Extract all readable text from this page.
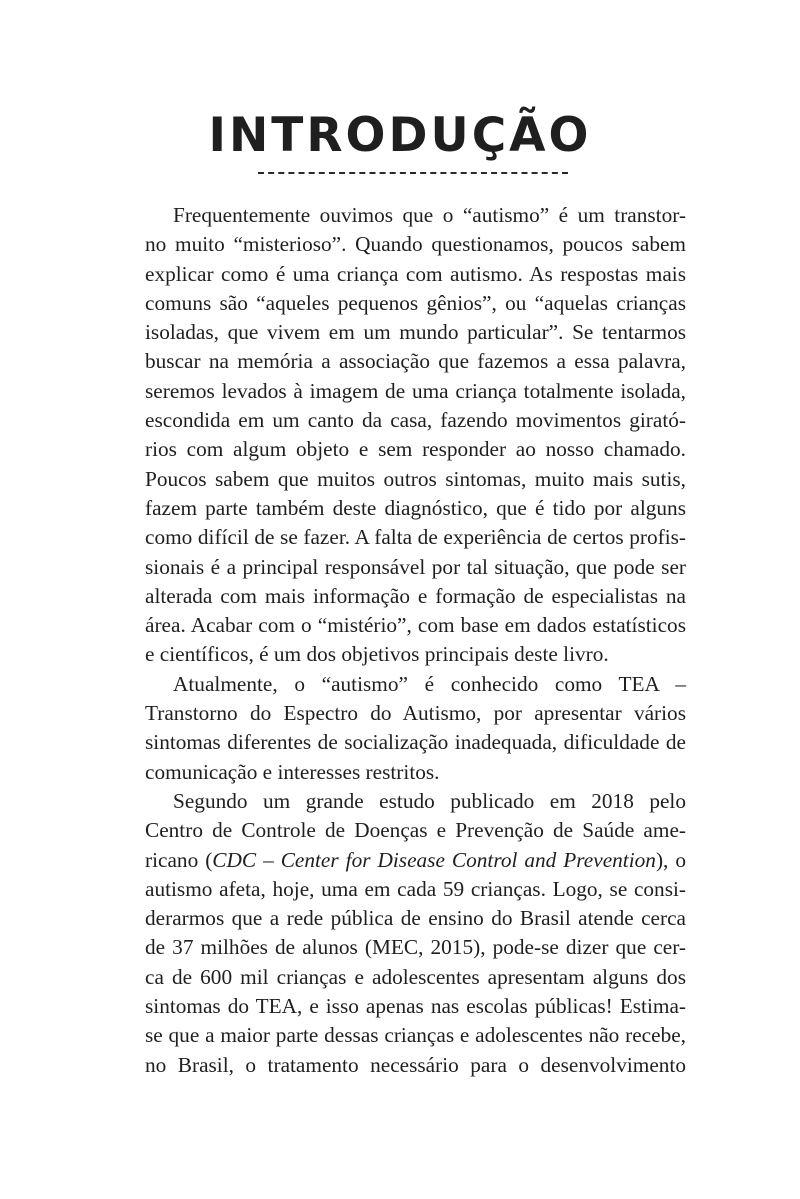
INTRODUÇÃO

Frequentemente ouvimos que o “autismo” é um transtor-
no muito “misterioso”. Quando questionamos, poucos sabem
explicar como é uma criança com autismo. As respostas mais
comuns são “aqueles pequenos gênios”, ou “aquelas crianças
isoladas, que vivem em um mundo particular”. Se tentarmos
buscar na memória a associação que fazemos a essa palavra,
seremos levados à imagem de uma criança totalmente isolada,
escondida em um canto da casa, fazendo movimentos girató-
rios com algum objeto e sem responder ao nosso chamado.
Poucos sabem que muitos outros sintomas, muito mais sutis,
fazem parte também deste diagnóstico, que é tido por alguns
como difícil de se fazer. A falta de experiência de certos profis-
sionais é a principal responsável por tal situação, que pode ser
alterada com mais informação e formação de especialistas na
área. Acabar com o “mistério”, com base em dados estatísticos
e científicos, é um dos objetivos principais deste livro.

Atualmente, o “autismo” é conhecido como TEA –
Transtorno do Espectro do Autismo, por apresentar vários
sintomas diferentes de socialização inadequada, dificuldade de
comunicação e interesses restritos.

Segundo um grande estudo publicado em 2018 pelo
Centro de Controle de Doenças e Prevenção de Saúde ame-
ricano (CDC – Center for Disease Control and Prevention), o
autismo afeta, hoje, uma em cada 59 crianças. Logo, se consi-
derarmos que a rede pública de ensino do Brasil atende cerca
de 37 milhões de alunos (MEC, 2015), pode-se dizer que cer-
ca de 600 mil crianças e adolescentes apresentam alguns dos
sintomas do TEA, e isso apenas nas escolas públicas! Estima-
se que a maior parte dessas crianças e adolescentes não recebe,
no Brasil, o tratamento necessário para o desenvolvimento
